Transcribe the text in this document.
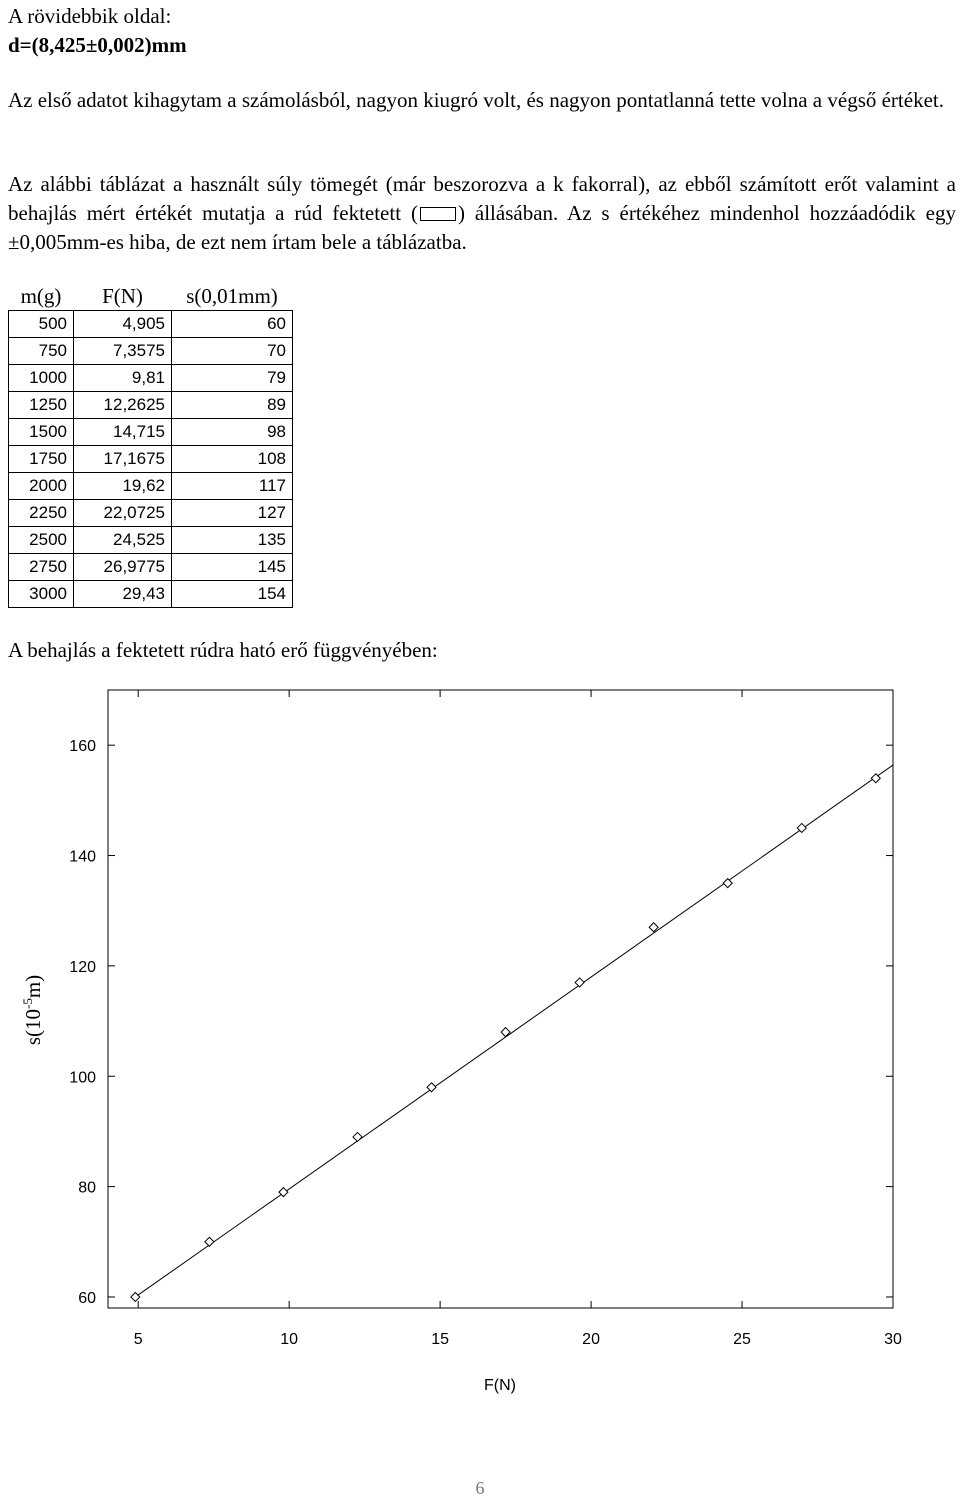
A rövidebbik oldal:
d=(8,425±0,002)mm

Az első adatot kihagytam a számolásból, nagyon kiugró volt, és nagyon pontatlanná tette volna a végső értéket.

Az alábbi táblázat a használt súly tömegét (már beszorozva a k fakorral), az ebből számított erőt valamint a behajlás mért értékét mutatja a rúd fektetett ( ) állásában. Az s értékéhez mindenhol hozzáadódik egy ±0,005mm-es hiba, de ezt nem írtam bele a táblázatba.

m(g)	F(N)	s(0,01mm)
500	4,905	60
750	7,3575	70
1000	9,81	79
1250	12,2625	89
1500	14,715	98
1750	17,1675	108
2000	19,62	117
2250	22,0725	127
2500	24,525	135
2750	26,9775	145
3000	29,43	154
A behajlás a fektetett rúdra ható erő függvényében:
5	10	15	20	25	30
60
80
100
120
140
160
F(N)
$s(10^{-5}m)$
6
